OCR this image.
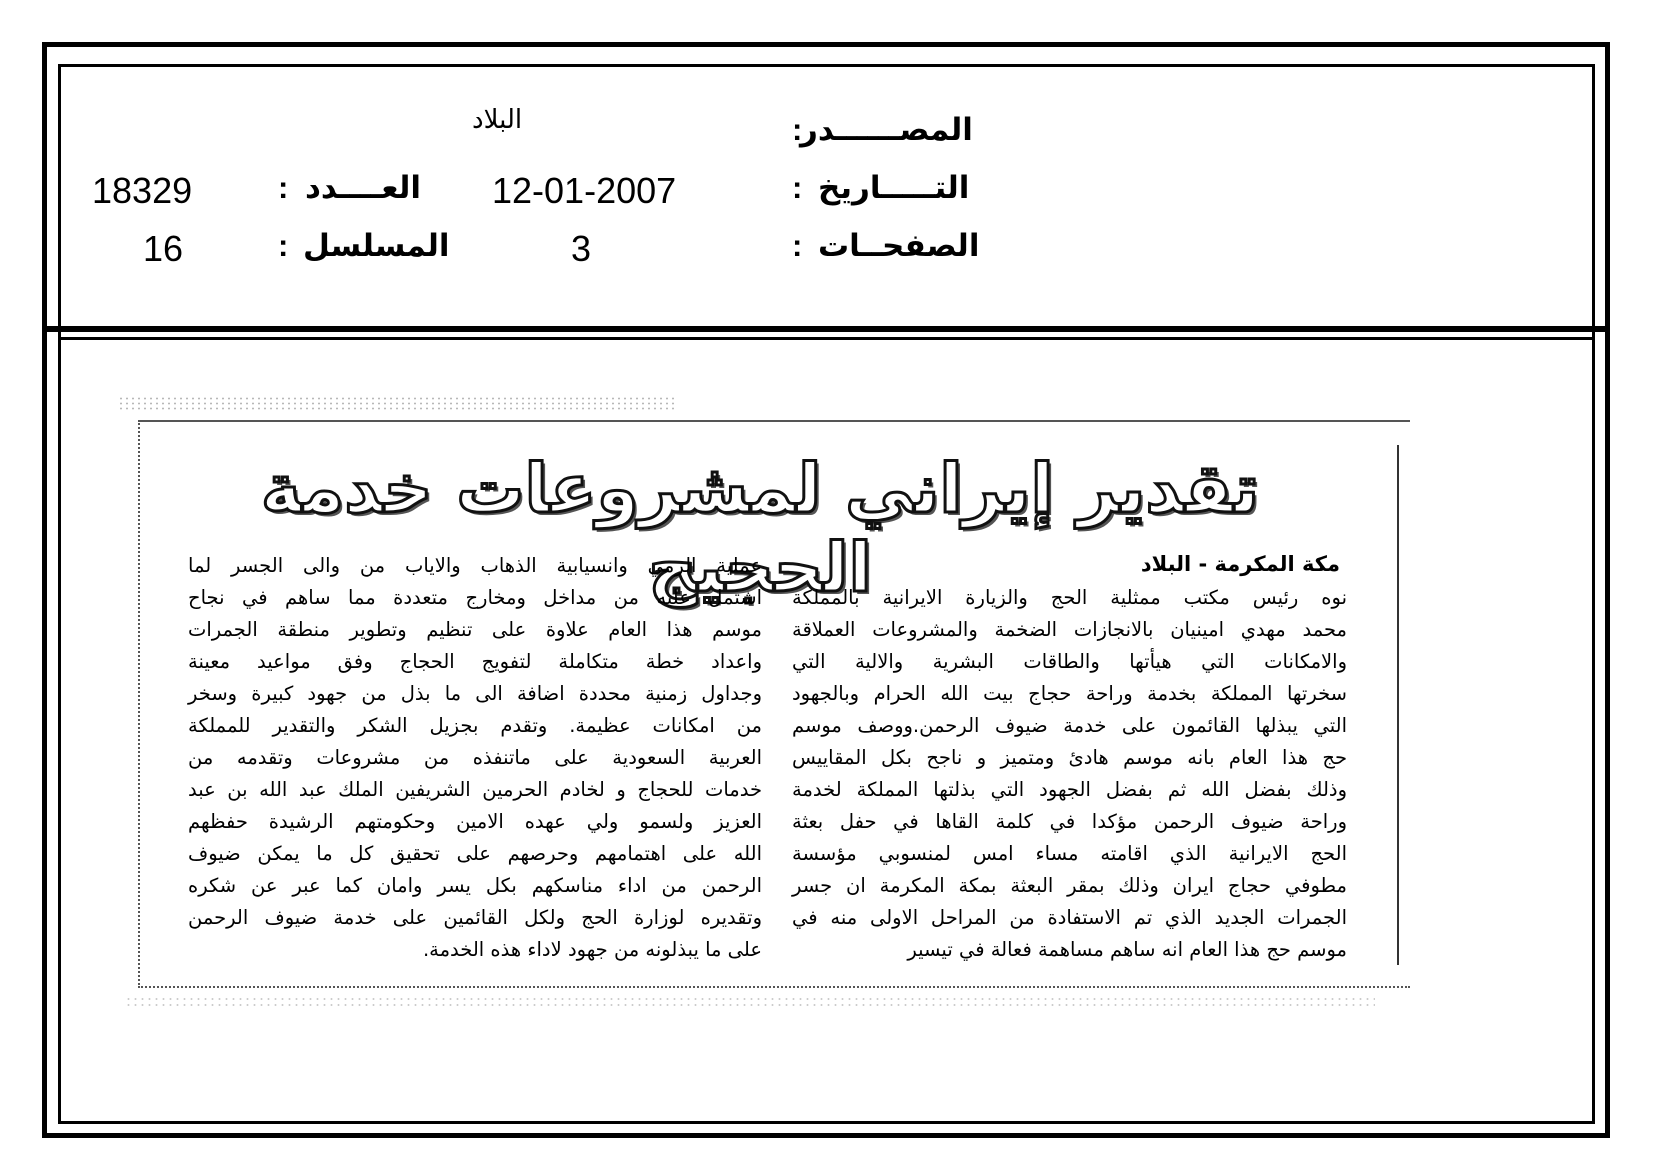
المصــــــدر
:
البلاد
التـــــاريخ
:
12-01-2007
الصفحــات
:
3
العــــدد
:
18329
المسلسل
:
16
تقدير إيراني لمشروعات خدمة الحجيج	مكة المكرمة - البلاد
نوه رئيس مكتب ممثلية الحج والزيارة الايرانية بالمملكة
محمد مهدي امينيان بالانجازات الضخمة والمشروعات العملاقة
والامكانات التي هيأتها والطاقات البشرية والالية التي
سخرتها المملكة بخدمة وراحة حجاج بيت الله الحرام وبالجهود
التي يبذلها القائمون على خدمة ضيوف الرحمن.ووصف موسم
حج هذا العام بانه موسم هادئ ومتميز و ناجح بكل المقاييس
وذلك بفضل الله ثم بفضل الجهود التي بذلتها المملكة لخدمة
وراحة ضيوف الرحمن مؤكدا في كلمة القاها في حفل بعثة
الحج الايرانية الذي اقامته مساء امس لمنسوبي مؤسسة
مطوفي حجاج ايران وذلك بمقر البعثة بمكة المكرمة ان جسر
الجمرات الجديد الذي تم الاستفادة من المراحل الاولى منه في
موسم حج هذا العام انه ساهم مساهمة فعالة في تيسير
عملية الرمي وانسيابية الذهاب والاياب من والى الجسر لما
اشتمل عليه من مداخل ومخارج متعددة مما ساهم في نجاح
موسم هذا العام علاوة على تنظيم وتطوير منطقة الجمرات
واعداد خطة متكاملة لتفويج الحجاج وفق مواعيد معينة
وجداول زمنية محددة اضافة الى ما بذل من جهود كبيرة وسخر
من امكانات عظيمة. وتقدم بجزيل الشكر والتقدير للمملكة
العربية السعودية على ماتنفذه من مشروعات وتقدمه من
خدمات للحجاج و لخادم الحرمين الشريفين الملك عبد الله بن عبد
العزيز ولسمو ولي عهده الامين وحكومتهم الرشيدة حفظهم
الله على اهتمامهم وحرصهم على تحقيق كل ما يمكن ضيوف
الرحمن من اداء مناسكهم بكل يسر وامان كما عبر عن شكره
وتقديره لوزارة الحج ولكل القائمين على خدمة ضيوف الرحمن
على ما يبذلونه من جهود لاداء هذه الخدمة.
